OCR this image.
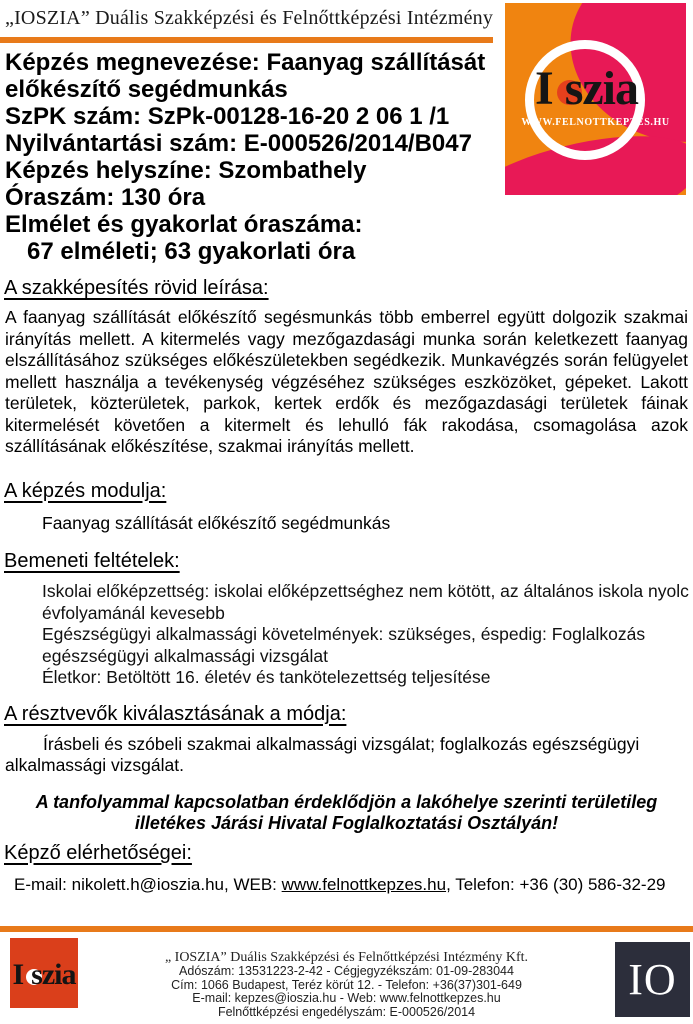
„IOSZIA” Duális Szakképzési és Felnőttképzési Intézmény
I szia
WWW.FELNOTTKEPZES.HU
Képzés megnevezése: Faanyag szállítását előkészítő segédmunkás
SzPK szám: SzPk-00128-16-20 2 06 1 /1
Nyilvántartási szám: E-000526/2014/B047
Képzés helyszíne: Szombathely
Óraszám: 130 óra
Elmélet és gyakorlat óraszáma:
67 elméleti; 63 gyakorlati óra
A szakképesítés rövid leírása:
A faanyag szállítását előkészítő segésmunkás több emberrel együtt dolgozik szakmai irányítás mellett. A kitermelés vagy mezőgazdasági munka során keletkezett faanyag elszállításához szükséges előkészületekben segédkezik. Munkavégzés során felügyelet mellett használja a tevékenység végzéséhez szükséges eszközöket, gépeket. Lakott területek, közterületek, parkok, kertek erdők és mezőgazdasági területek fáinak kitermelését követően a kitermelt és lehulló fák rakodása, csomagolása azok szállításának előkészítése, szakmai irányítás mellett.
A képzés modulja:
Faanyag szállítását előkészítő segédmunkás
Bemeneti feltételek:
Iskolai előképzettség: iskolai előképzettséghez nem kötött, az általános iskola nyolc évfolyamánál kevesebb
Egészségügyi alkalmassági követelmények: szükséges, éspedig: Foglalkozás egészségügyi alkalmassági vizsgálat
Életkor: Betöltött 16. életév és tankötelezettség teljesítése
A résztvevők kiválasztásának a módja:
Írásbeli és szóbeli szakmai alkalmassági vizsgálat; foglalkozás egészségügyi alkalmassági vizsgálat.
A tanfolyammal kapcsolatban érdeklődjön a lakóhelye szerinti területileg illetékes Járási Hivatal Foglalkoztatási Osztályán!
Képző elérhetőségei:
E-mail: nikolett.h@ioszia.hu, WEB: www.felnottkepzes.hu, Telefon: +36 (30) 586-32-29
I szia
„ IOSZIA” Duális Szakképzési és Felnőttképzési Intézmény Kft.
Adószám: 13531223-2-42 - Cégjegyzékszám: 01-09-283044
Cím: 1066 Budapest, Teréz körút 12. - Telefon: +36(37)301-649
E-mail: kepzes@ioszia.hu - Web: www.felnottkepzes.hu
Felnőttképzési engedélyszám: E-000526/2014
IO
